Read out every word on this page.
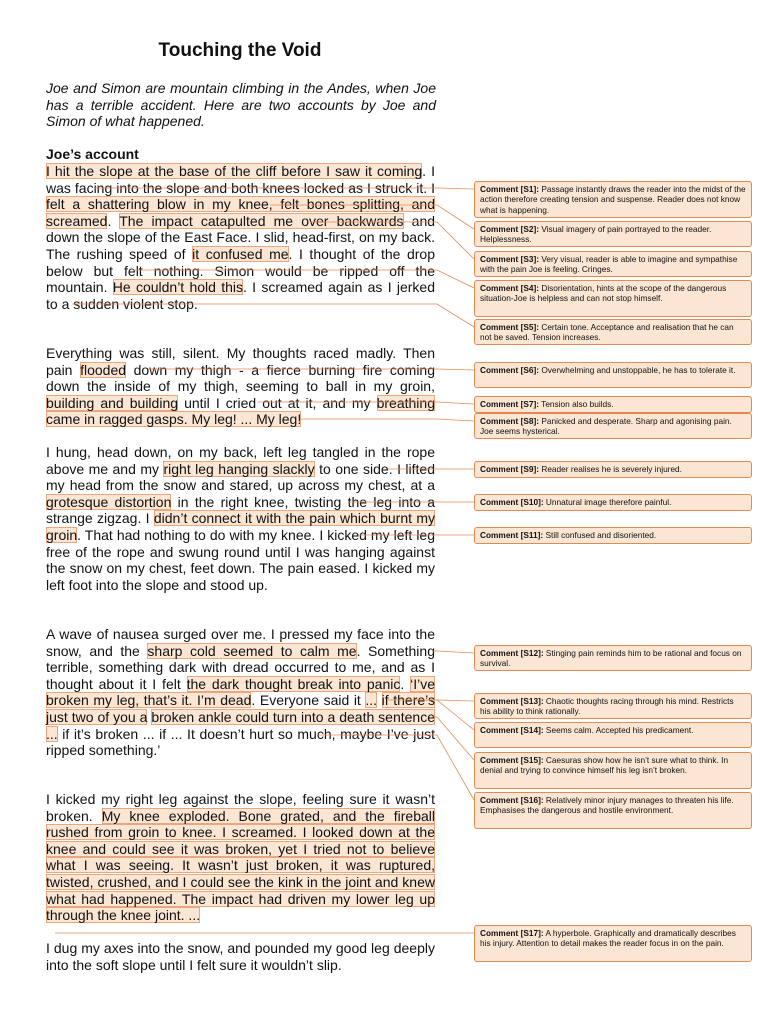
Touching the Void
Joe and Simon are mountain climbing in the Andes, when Joe has a terrible accident. Here are two accounts by Joe and Simon of what happened.
Joe’s account
I hit the slope at the base of the cliff before I saw it coming. I was facing into the slope and both knees locked as I struck it. I felt a shattering blow in my knee, felt bones splitting, and screamed. The impact catapulted me over backwards and down the slope of the East Face. I slid, head-first, on my back. The rushing speed of it confused me. I thought of the drop below but felt nothing. Simon would be ripped off the mountain. He couldn’t hold this. I screamed again as I jerked to a sudden violent stop.
Everything was still, silent. My thoughts raced madly. Then pain flooded down my thigh - a fierce burning fire coming down the inside of my thigh, seeming to ball in my groin, building and building until I cried out at it, and my breathing came in ragged gasps. My leg! ... My leg!
I hung, head down, on my back, left leg tangled in the rope above me and my right leg hanging slackly to one side. I lifted my head from the snow and stared, up across my chest, at a grotesque distortion in the right knee, twisting the leg into a strange zigzag. I didn’t connect it with the pain which burnt my groin. That had nothing to do with my knee. I kicked my left leg free of the rope and swung round until I was hanging against the snow on my chest, feet down. The pain eased. I kicked my left foot into the slope and stood up.
A wave of nausea surged over me. I pressed my face into the snow, and the sharp cold seemed to calm me. Something terrible, something dark with dread occurred to me, and as I thought about it I felt the dark thought break into panic. ‘I’ve broken my leg, that’s it. I’m dead. Everyone said it ... if there’s just two of you a broken ankle could turn into a death sentence ... if it’s broken ... if ... It doesn’t hurt so much, maybe I’ve just ripped something.’
I kicked my right leg against the slope, feeling sure it wasn’t broken. My knee exploded. Bone grated, and the fireball rushed from groin to knee. I screamed. I looked down at the knee and could see it was broken, yet I tried not to believe what I was seeing. It wasn’t just broken, it was ruptured, twisted, crushed, and I could see the kink in the joint and knew what had happened. The impact had driven my lower leg up through the knee joint. ...
I dug my axes into the snow, and pounded my good leg deeply into the soft slope until I felt sure it wouldn’t slip.
Comment [S1]: Passage instantly draws the reader into the midst of the action therefore creating tension and suspense. Reader does not know what is happening.
Comment [S2]: Visual imagery of pain portrayed to the reader. Helplessness.
Comment [S3]: Very visual, reader is able to imagine and sympathise with the pain Joe is feeling. Cringes.
Comment [S4]: Disorientation, hints at the scope of the dangerous situation-Joe is helpless and can not stop himself.
Comment [S5]: Certain tone. Acceptance and realisation that he can not be saved. Tension increases.
Comment [S6]: Overwhelming and unstoppable, he has to tolerate it.
Comment [S7]: Tension also builds.
Comment [S8]: Panicked and desperate. Sharp and agonising pain. Joe seems hysterical.
Comment [S9]: Reader realises he is severely injured.
Comment [S10]: Unnatural image therefore painful.
Comment [S11]: Still confused and disoriented.
Comment [S12]: Stinging pain reminds him to be rational and focus on survival.
Comment [S13]: Chaotic thoughts racing through his mind. Restricts his ability to think rationally.
Comment [S14]: Seems calm. Accepted his predicament.
Comment [S15]: Caesuras show how he isn’t sure what to think. In denial and trying to convince himself his leg isn’t broken.
Comment [S16]: Relatively minor injury manages to threaten his life. Emphasises the dangerous and hostile environment.
Comment [S17]: A hyperbole. Graphically and dramatically describes his injury. Attention to detail makes the reader focus in on the pain.
